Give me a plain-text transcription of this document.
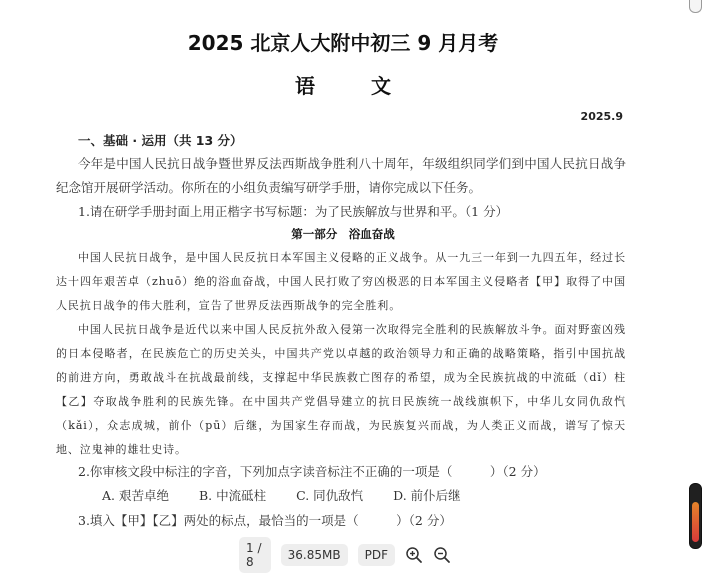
2025 北京人大附中初三 9 月月考
语文
2025.9
一、基础 · 运用（共 13 分）
今年是中国人民抗日战争暨世界反法西斯战争胜利八十周年，年级组织同学们到中国人民抗日战争纪念馆开展研学活动。你所在的小组负责编写研学手册，请你完成以下任务。
1.请在研学手册封面上用正楷字书写标题：为了民族解放与世界和平。（1 分）
第一部分　浴血奋战
中国人民抗日战争，是中国人民反抗日本军国主义侵略的正义战争。从一九三一年到一九四五年，经过长达十四年艰苦卓（zhuō）绝的浴血奋战，中国人民打败了穷凶极恶的日本军国主义侵略者【甲】取得了中国人民抗日战争的伟大胜利，宣告了世界反法西斯战争的完全胜利。
中国人民抗日战争是近代以来中国人民反抗外敌入侵第一次取得完全胜利的民族解放斗争。面对野蛮凶残的日本侵略者，在民族危亡的历史关头，中国共产党以卓越的政治领导力和正确的战略策略，指引中国抗战的前进方向，勇敢战斗在抗战最前线，支撑起中华民族救亡图存的希望，成为全民族抗战的中流砥（dǐ）柱【乙】夺取战争胜利的民族先锋。在中国共产党倡导建立的抗日民族统一战线旗帜下，中华儿女同仇敌忾（kǎi），众志成城，前仆（pū）后继，为国家生存而战，为民族复兴而战，为人类正义而战，谱写了惊天地、泣鬼神的雄壮史诗。
2.你审核文段中标注的字音，下列加点字读音标注不正确的一项是（　　　）（2 分）
A. 艰苦卓绝 B. 中流砥柱 C. 同仇敌忾 D. 前仆后继
3.填入【甲】【乙】两处的标点，最恰当的一项是（　　　）（2 分）
1 / 8	36.85MB	PDF
